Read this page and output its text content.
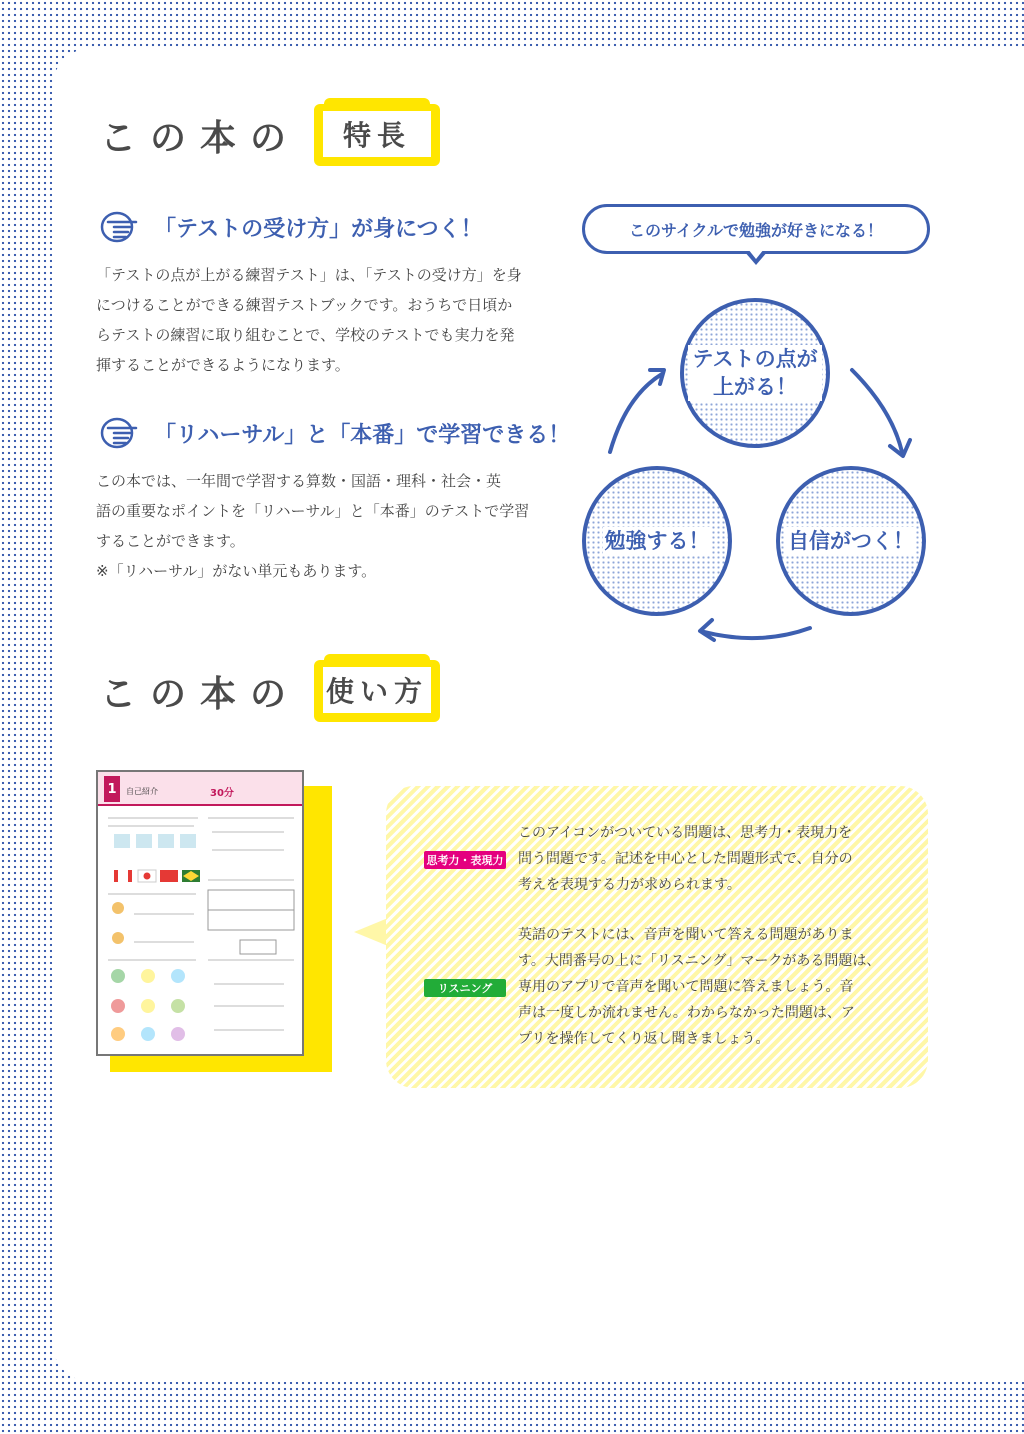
この本の	特長
「テストの受け方」が身につく！
「テストの点が上がる練習テスト」は、「テストの受け方」を身
につけることができる練習テストブックです。おうちで日頃か
らテストの練習に取り組むことで、学校のテストでも実力を発
揮することができるようになります。
「リハーサル」と「本番」で学習できる！
この本では、一年間で学習する算数・国語・理科・社会・英
語の重要なポイントを「リハーサル」と「本番」のテストで学習
することができます。
※「リハーサル」がない単元もあります。
このサイクルで勉強が好きになる！
テストの点が
上がる！
勉強する！	自信がつく！
この本の 使い方
1	自己紹介	30分
思考力・表現力
このアイコンがついている問題は、思考力・表現力を
問う問題です。記述を中心とした問題形式で、自分の
考えを表現する力が求められます。
リスニング
英語のテストには、音声を聞いて答える問題がありま
す。大問番号の上に「リスニング」マークがある問題は、
専用のアプリで音声を聞いて問題に答えましょう。音
声は一度しか流れません。わからなかった問題は、ア
プリを操作してくり返し聞きましょう。
